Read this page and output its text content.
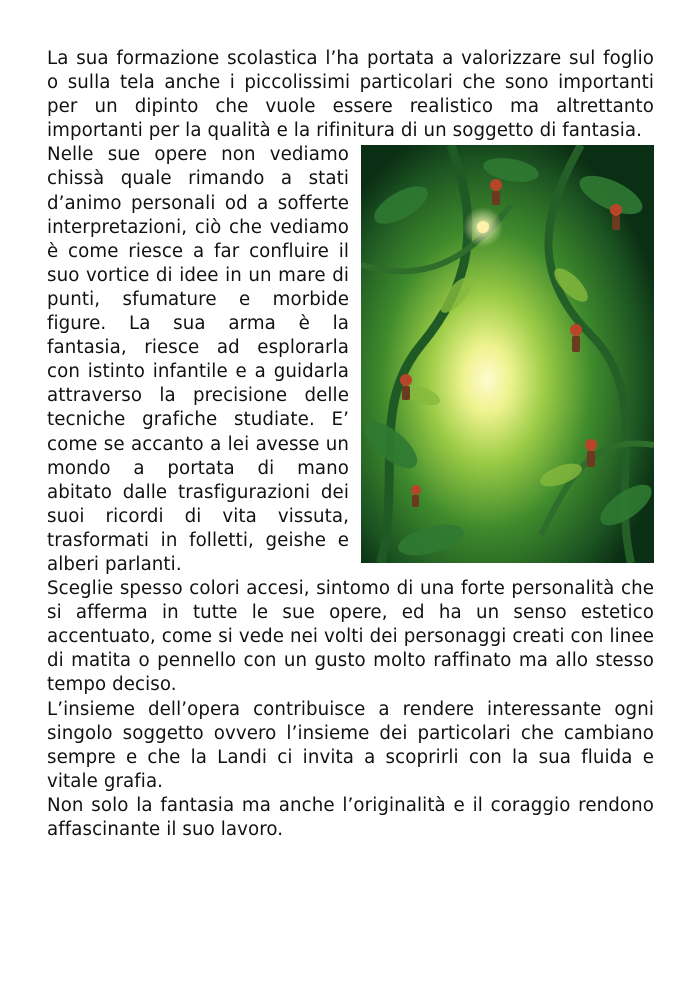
La sua formazione scolastica l’ha portata a valorizzare sul foglio o sulla tela anche i piccolissimi particolari che sono importanti per un dipinto che vuole essere realistico ma altrettanto importanti per la qualità e la rifinitura di un soggetto di fantasia.

Nelle sue opere non vediamo chissà quale rimando a stati d’animo personali od a sofferte interpretazioni, ciò che vediamo è come riesce a far confluire il suo vortice di idee in un mare di punti, sfumature e morbide figure. La sua arma è la fantasia, riesce ad esplorarla con istinto infantile e a guidarla attraverso la precisione delle tecniche grafiche studiate. E’ come se accanto a lei avesse un mondo a portata di mano abitato dalle trasfigurazioni dei suoi ricordi di vita vissuta, trasformati in folletti, geishe e alberi parlanti.

Sceglie spesso colori accesi, sintomo di una forte personalità che si afferma in tutte le sue opere, ed ha un senso estetico accentuato, come si vede nei volti dei personaggi creati con linee di matita o pennello con un gusto molto raffinato ma allo stesso tempo deciso.

L’insieme dell’opera contribuisce a rendere interessante ogni singolo soggetto ovvero l’insieme dei particolari che cambiano sempre e che la Landi ci invita a scoprirli con la sua fluida e vitale grafia.

Non solo la fantasia ma anche l’originalità e il coraggio rendono affascinante il suo lavoro.
